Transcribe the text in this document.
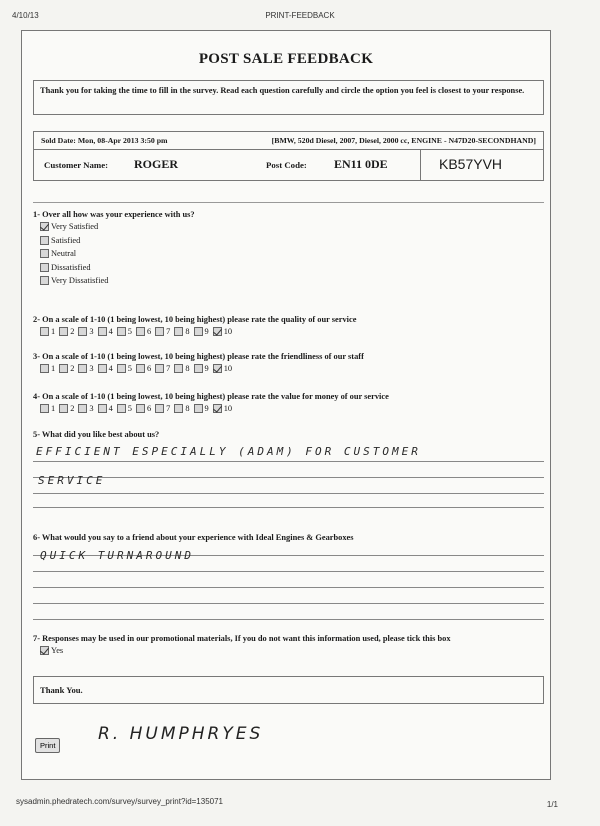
4/10/13	PRINT-FEEDBACK
POST SALE FEEDBACK
Thank you for taking the time to fill in the survey. Read each question carefully and circle the option you feel is closest to your response.
Sold Date: Mon, 08-Apr 2013 3:50 pm	[BMW, 520d Diesel, 2007, Diesel, 2000 cc, ENGINE - N47D20-SECONDHAND]
Customer Name: ROGER	Post Code: EN11 0DE	KB57YVH
1- Over all how was your experience with us?
Very Satisfied
Satisfied
Neutral
Dissatisfied
Very Dissatisfied
2- On a scale of 1-10 (1 being lowest, 10 being highest) please rate the quality of our service
1 2 3 4 5 6 7 8 9 10
3- On a scale of 1-10 (1 being lowest, 10 being highest) please rate the friendliness of our staff
1 2 3 4 5 6 7 8 9 10
4- On a scale of 1-10 (1 being lowest, 10 being highest) please rate the value for money of our service
1 2 3 4 5 6 7 8 9 10
5- What did you like best about us?
EFFICIENT ESPECIALLY (ADAM) FOR CUSTOMER
SERVICE
6- What would you say to a friend about your experience with Ideal Engines & Gearboxes
QUICK TURNAROUND
7- Responses may be used in our promotional materials, If you do not want this information used, please tick this box
Yes
Thank You.
Print
R. HUMPHRYES
sysadmin.phedratech.com/survey/survey_print?id=135071	1/1
